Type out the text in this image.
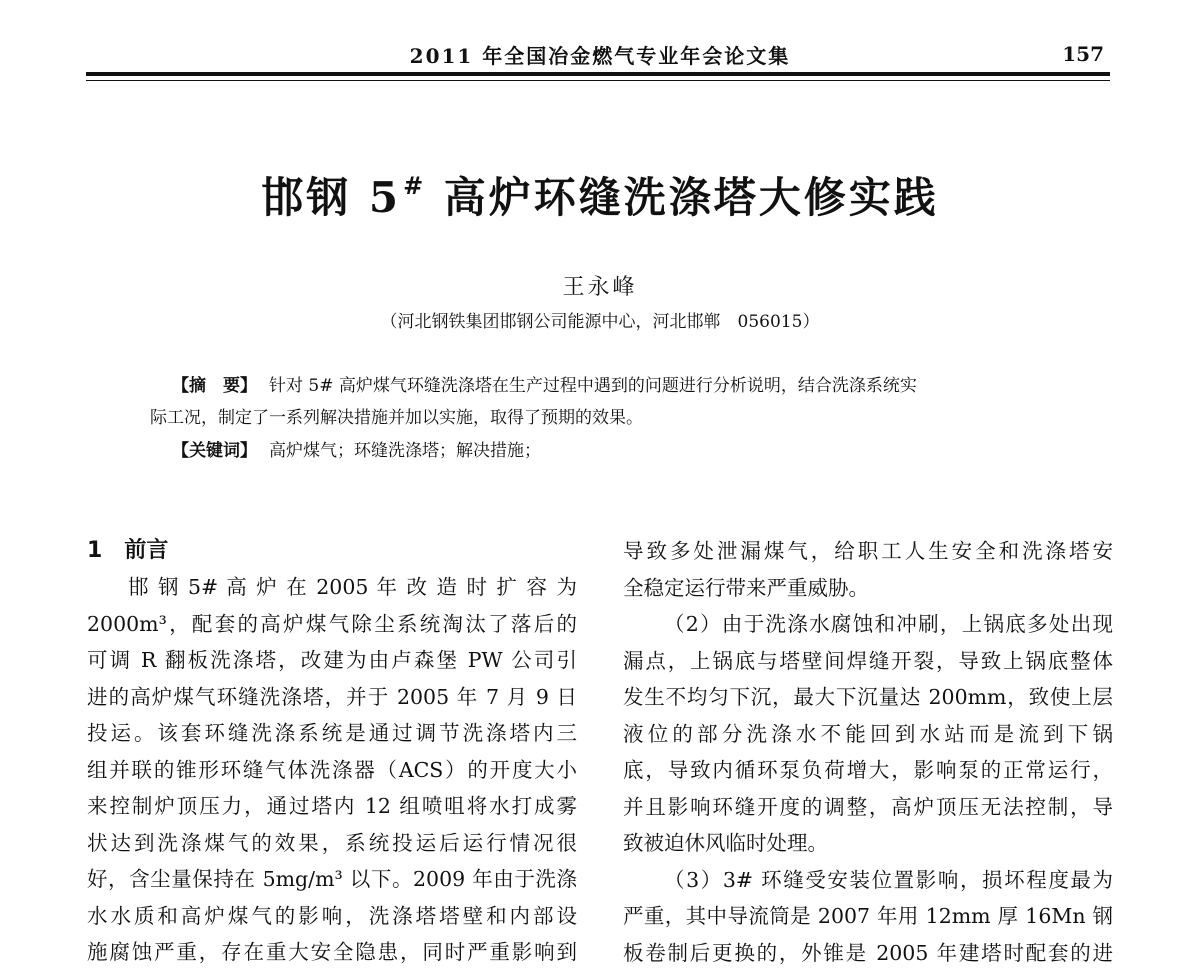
2011 年全国冶金燃气专业年会论文集	157
邯钢 5# 高炉环缝洗涤塔大修实践
王永峰
（河北钢铁集团邯钢公司能源中心，河北邯郸　056015）
【摘　要】 针对 5# 高炉煤气环缝洗涤塔在生产过程中遇到的问题进行分析说明，结合洗涤系统实
际工况，制定了一系列解决措施并加以实施，取得了预期的效果。
【关键词】 高炉煤气；环缝洗涤塔；解决措施；
1 前言
邯 钢 5# 高 炉 在 2005 年 改 造 时 扩 容 为
2000m³，配套的高炉煤气除尘系统淘汰了落后的
可调 R 翻板洗涤塔，改建为由卢森堡 PW 公司引
进的高炉煤气环缝洗涤塔，并于 2005 年 7 月 9 日
投运。该套环缝洗涤系统是通过调节洗涤塔内三
组并联的锥形环缝气体洗涤器（ACS）的开度大小
来控制炉顶压力，通过塔内 12 组喷咀将水打成雾
状达到洗涤煤气的效果，系统投运后运行情况很
好，含尘量保持在 5mg/m³ 以下。2009 年由于洗涤
水水质和高炉煤气的影响，洗涤塔塔壁和内部设
施腐蚀严重，存在重大安全隐患，同时严重影响到
导致多处泄漏煤气，给职工人生安全和洗涤塔安
全稳定运行带来严重威胁。
（2）由于洗涤水腐蚀和冲刷，上锅底多处出现
漏点，上锅底与塔壁间焊缝开裂，导致上锅底整体
发生不均匀下沉，最大下沉量达 200mm，致使上层
液位的部分洗涤水不能回到水站而是流到下锅
底，导致内循环泵负荷增大，影响泵的正常运行，
并且影响环缝开度的调整，高炉顶压无法控制，导
致被迫休风临时处理。
（3）3# 环缝受安装位置影响，损坏程度最为
严重，其中导流筒是 2007 年用 12mm 厚 16Mn 钢
板卷制后更换的，外锥是 2005 年建塔时配套的进
